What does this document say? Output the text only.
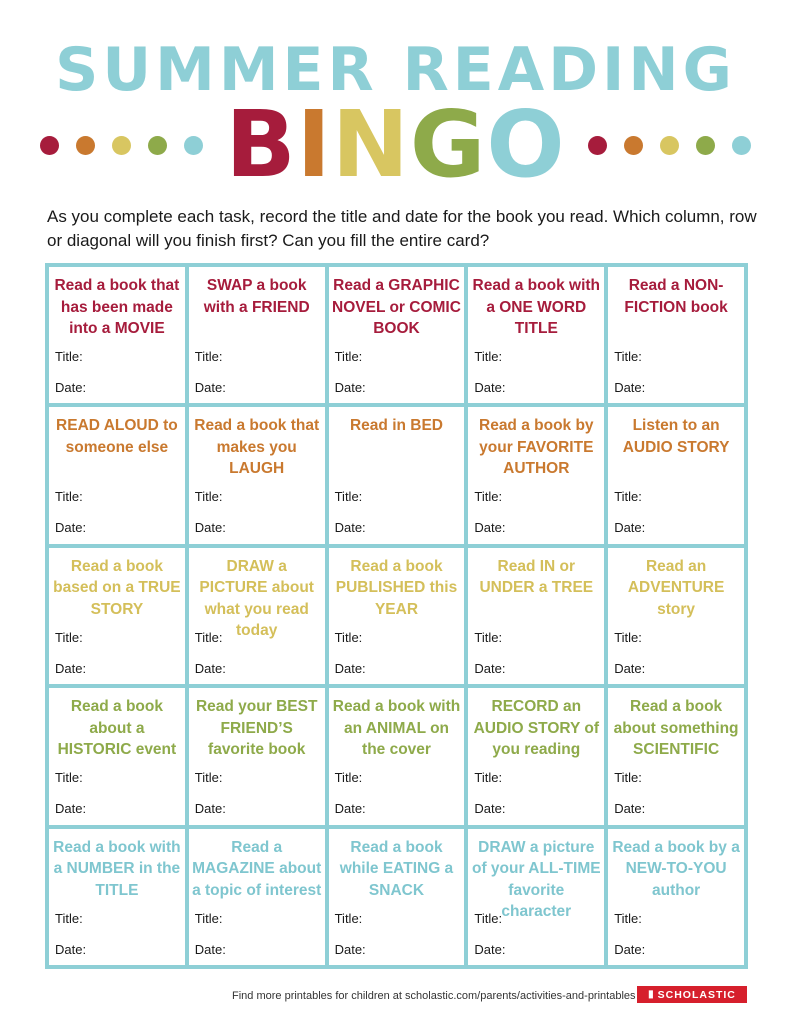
SUMMER READING
BINGO

As you complete each task, record the title and date for the book you read. Which column, row or diagonal will you finish first? Can you fill the entire card?

Read a book that has been made into a MOVIE
Title:
Date:
SWAP a book with a FRIEND
Title:
Date:
Read a GRAPHIC NOVEL or COMIC BOOK
Title:
Date:
Read a book with a ONE WORD TITLE
Title:
Date:
Read a NON-FICTION book
Title:
Date:
READ ALOUD to someone else
Title:
Date:
Read a book that makes you LAUGH
Title:
Date:
Read in BED
Title:
Date:
Read a book by your FAVORITE AUTHOR
Title:
Date:
Listen to an AUDIO STORY
Title:
Date:
Read a book based on a TRUE STORY
Title:
Date:
DRAW a PICTURE about what you read today
Title:
Date:
Read a book PUBLISHED this YEAR
Title:
Date:
Read IN or UNDER a TREE
Title:
Date:
Read an ADVENTURE story
Title:
Date:
Read a book about a HISTORIC event
Title:
Date:
Read your BEST FRIEND’S favorite book
Title:
Date:
Read a book with an ANIMAL on the cover
Title:
Date:
RECORD an AUDIO STORY of you reading
Title:
Date:
Read a book about something SCIENTIFIC
Title:
Date:
Read a book with a NUMBER in the TITLE
Title:
Date:
Read a MAGAZINE about a topic of interest
Title:
Date:
Read a book while EATING a SNACK
Title:
Date:
DRAW a picture of your ALL-TIME favorite character
Title:
Date:
Read a book by a NEW-TO-YOU author
Title:
Date:
Find more printables for children at scholastic.com/parents/activities-and-printables ▮ SCHOLASTIC
